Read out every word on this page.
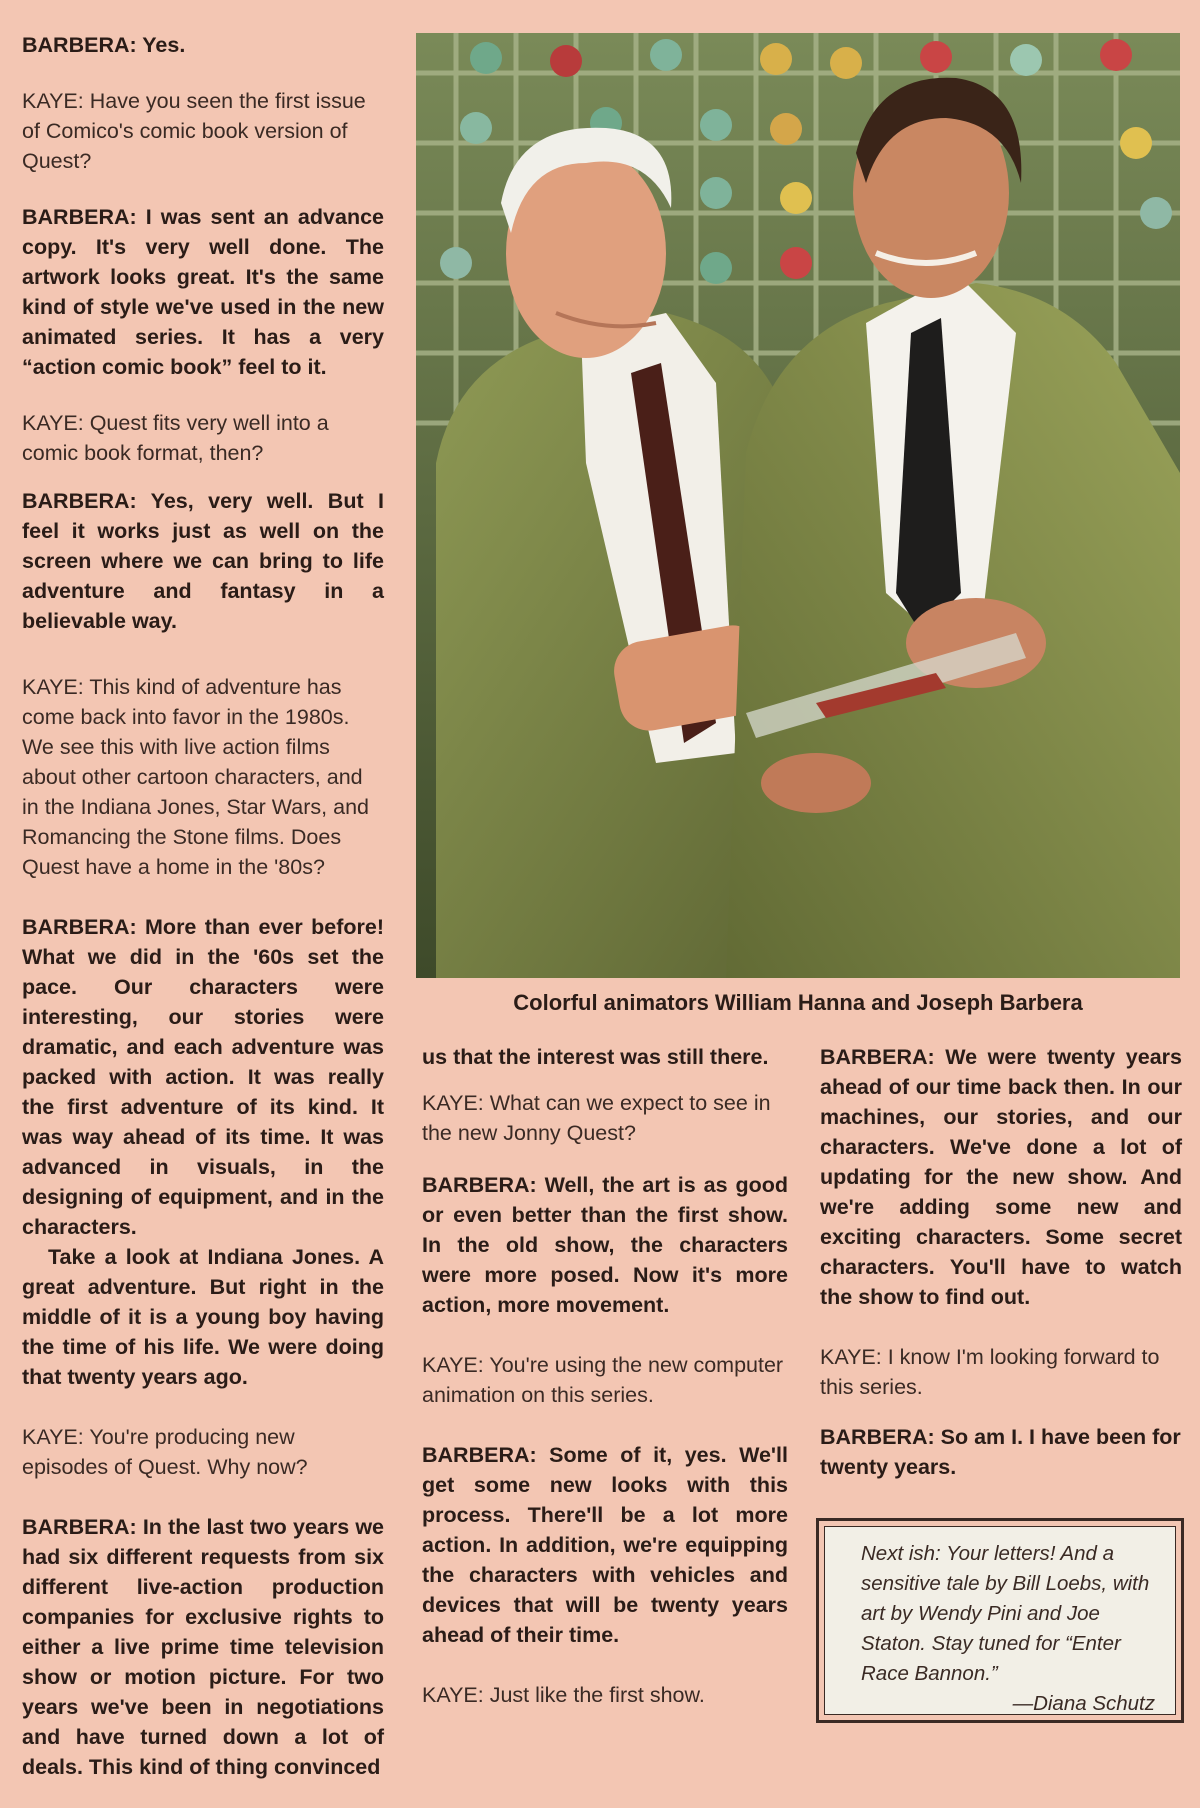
BARBERA: Yes.

KAYE: Have you seen the first issue of Comico's comic book version of Quest?

BARBERA: I was sent an advance copy. It's very well done. The artwork looks great. It's the same kind of style we've used in the new animated series. It has a very “action comic book” feel to it.

KAYE: Quest fits very well into a comic book format, then?

BARBERA: Yes, very well. But I feel it works just as well on the screen where we can bring to life adventure and fantasy in a believable way.

KAYE: This kind of adventure has come back into favor in the 1980s. We see this with live action films about other cartoon characters, and in the Indiana Jones, Star Wars, and Romancing the Stone films. Does Quest have a home in the '80s?

BARBERA: More than ever before! What we did in the '60s set the pace. Our characters were interesting, our stories were dramatic, and each adventure was packed with action. It was really the first adventure of its kind. It was way ahead of its time. It was advanced in visuals, in the designing of equipment, and in the characters.

Take a look at Indiana Jones. A great adventure. But right in the middle of it is a young boy having the time of his life. We were doing that twenty years ago.

KAYE: You're producing new episodes of Quest. Why now?

BARBERA: In the last two years we had six different requests from six different live-action production companies for exclusive rights to either a live prime time television show or motion picture. For two years we've been in negotiations and have turned down a lot of deals. This kind of thing convinced

Colorful animators William Hanna and Joseph Barbera

us that the interest was still there.

KAYE: What can we expect to see in the new Jonny Quest?

BARBERA: Well, the art is as good or even better than the first show. In the old show, the characters were more posed. Now it's more action, more movement.

KAYE: You're using the new computer animation on this series.

BARBERA: Some of it, yes. We'll get some new looks with this process. There'll be a lot more action. In addition, we're equipping the characters with vehicles and devices that will be twenty years ahead of their time.

KAYE: Just like the first show.

BARBERA: We were twenty years ahead of our time back then. In our machines, our stories, and our characters. We've done a lot of updating for the new show. And we're adding some new and exciting characters. Some secret characters. You'll have to watch the show to find out.

KAYE: I know I'm looking forward to this series.

BARBERA: So am I. I have been for twenty years.

Next ish: Your letters! And a sensitive tale by Bill Loebs, with art by Wendy Pini and Joe Staton. Stay tuned for “Enter Race Bannon.”
—Diana Schutz
